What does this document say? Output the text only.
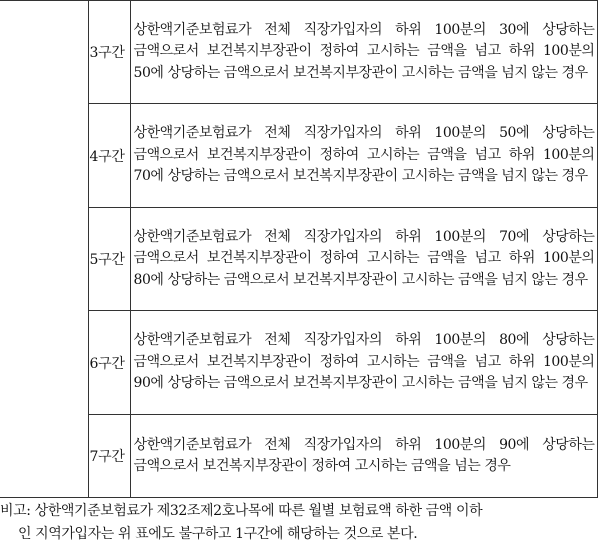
	3구간	상한액기준보험료가 전체 직장가입자의 하위 100분의 30에 상당하는 금액으로서 보건복지부장관이 정하여 고시하는 금액을 넘고 하위 100분의 50에 상당하는 금액으로서 보건복지부장관이 고시하는 금액을 넘지 않는 경우
	4구간	상한액기준보험료가 전체 직장가입자의 하위 100분의 50에 상당하는 금액으로서 보건복지부장관이 정하여 고시하는 금액을 넘고 하위 100분의 70에 상당하는 금액으로서 보건복지부장관이 고시하는 금액을 넘지 않는 경우
	5구간	상한액기준보험료가 전체 직장가입자의 하위 100분의 70에 상당하는 금액으로서 보건복지부장관이 정하여 고시하는 금액을 넘고 하위 100분의 80에 상당하는 금액으로서 보건복지부장관이 고시하는 금액을 넘지 않는 경우
	6구간	상한액기준보험료가 전체 직장가입자의 하위 100분의 80에 상당하는 금액으로서 보건복지부장관이 정하여 고시하는 금액을 넘고 하위 100분의 90에 상당하는 금액으로서 보건복지부장관이 고시하는 금액을 넘지 않는 경우
	7구간	상한액기준보험료가 전체 직장가입자의 하위 100분의 90에 상당하는 금액으로서 보건복지부장관이 정하여 고시하는 금액을 넘는 경우
비고: 상한액기준보험료가 제32조제2호나목에 따른 월별 보험료액 하한 금액 이하
인 지역가입자는 위 표에도 불구하고 1구간에 해당하는 것으로 본다.
